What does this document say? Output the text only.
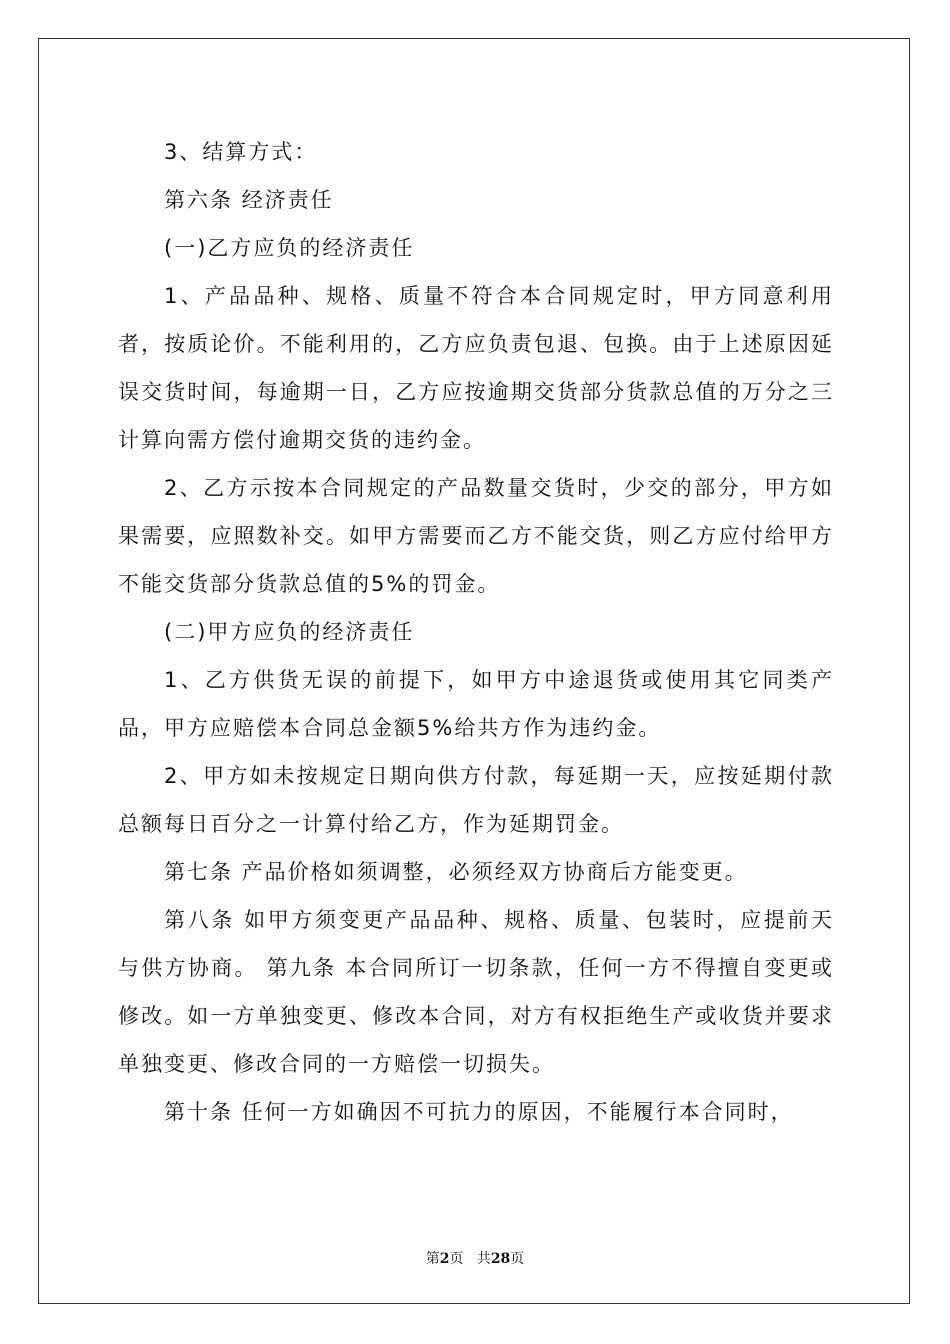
3、结算方式：

第六条 经济责任

(一)乙方应负的经济责任

1、产品品种、规格、质量不符合本合同规定时，甲方同意利用者，按质论价。不能利用的，乙方应负责包退、包换。由于上述原因延误交货时间，每逾期一日，乙方应按逾期交货部分货款总值的万分之三计算向需方偿付逾期交货的违约金。

2、乙方示按本合同规定的产品数量交货时，少交的部分，甲方如果需要，应照数补交。如甲方需要而乙方不能交货，则乙方应付给甲方不能交货部分货款总值的5%的罚金。

(二)甲方应负的经济责任

1、乙方供货无误的前提下，如甲方中途退货或使用其它同类产品，甲方应赔偿本合同总金额5%给共方作为违约金。

2、甲方如未按规定日期向供方付款，每延期一天，应按延期付款总额每日百分之一计算付给乙方，作为延期罚金。

第七条 产品价格如须调整，必须经双方协商后方能变更。

第八条 如甲方须变更产品品种、规格、质量、包装时，应提前天与供方协商。 第九条 本合同所订一切条款，任何一方不得擅自变更或修改。如一方单独变更、修改本合同，对方有权拒绝生产或收货并要求单独变更、修改合同的一方赔偿一切损失。

第十条 任何一方如确因不可抗力的原因，不能履行本合同时，

第2页 共28页
